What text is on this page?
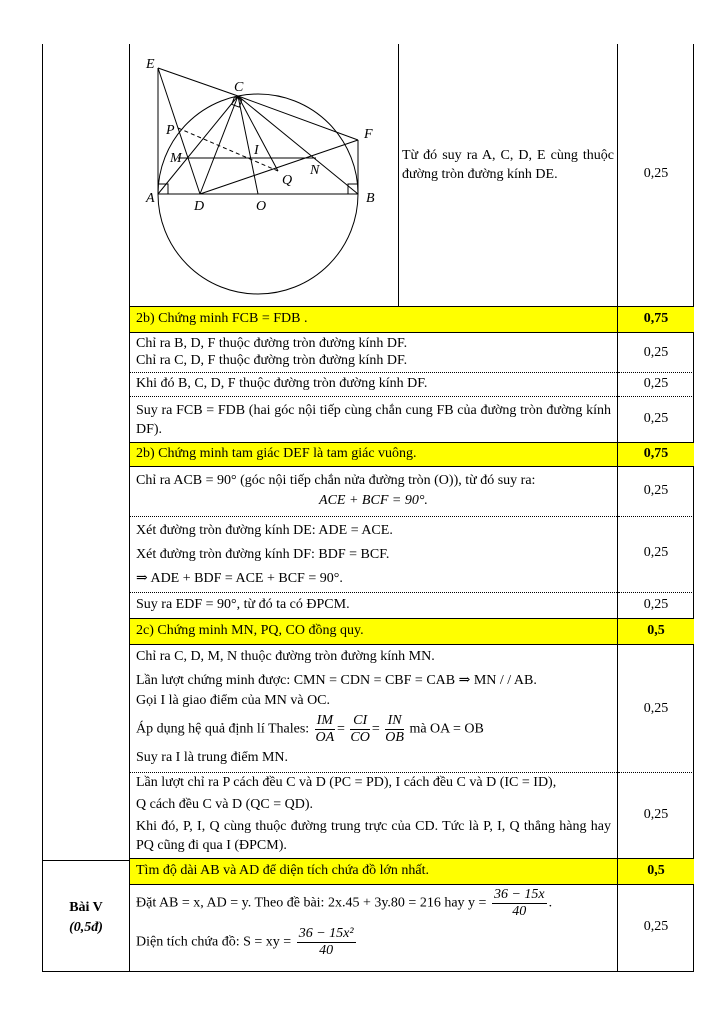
E
C
P	F
M
I
N
Q
A
D	O
B
Từ đó suy ra A, C, D, E cùng thuộc đường tròn đường kính DE.	0,25
2b) Chứng minh FCB = FDB .	0,75
Chỉ ra B, D, F thuộc đường tròn đường kính DF.
Chỉ ra C, D, F thuộc đường tròn đường kính DF.
0,25
Khi đó B, C, D, F thuộc đường tròn đường kính DF.	0,25
Suy ra FCB = FDB (hai góc nội tiếp cùng chắn cung FB của đường tròn đường kính DF).
0,25
2b) Chứng minh tam giác DEF là tam giác vuông.	0,75
Chỉ ra ACB = 90° (góc nội tiếp chắn nửa đường tròn (O)), từ đó suy ra:
ACE + BCF = 90°.
0,25
Xét đường tròn đường kính DE: ADE = ACE.
Xét đường tròn đường kính DF: BDF = BCF.
⇒ ADE + BDF = ACE + BCF = 90°.
0,25
Suy ra EDF = 90°, từ đó ta có ĐPCM.	0,25
2c) Chứng minh MN, PQ, CO đồng quy.	0,5
Chỉ ra C, D, M, N thuộc đường tròn đường kính MN.
Lần lượt chứng minh được: CMN = CDN = CBF = CAB ⇒ MN / / AB.
Gọi I là giao điểm của MN và OC.
Áp dụng hệ quả định lí Thales: $\frac{IM}{OA} = \frac{CI}{CO} = \frac{IN}{OB}$ mà OA = OB
Suy ra I là trung điểm MN.
0,25
Lần lượt chỉ ra P cách đều C và D (PC = PD), I cách đều C và D (IC = ID),
Q cách đều C và D (QC = QD).
Khi đó, P, I, Q cùng thuộc đường trung trực của CD. Tức là P, I, Q thẳng hàng hay PQ cũng đi qua I (ĐPCM).
0,25
Tìm độ dài AB và AD để diện tích chứa đồ lớn nhất.	0,5
Bài V
(0,5đ)
Đặt AB = x, AD = y. Theo đề bài: 2x.45 + 3y.80 = 216 hay $y = \frac{36 - 15x}{40}$ .
Diện tích chứa đồ: S = xy = $\frac{\text{36 − 15x²}}{40}$	0,25
